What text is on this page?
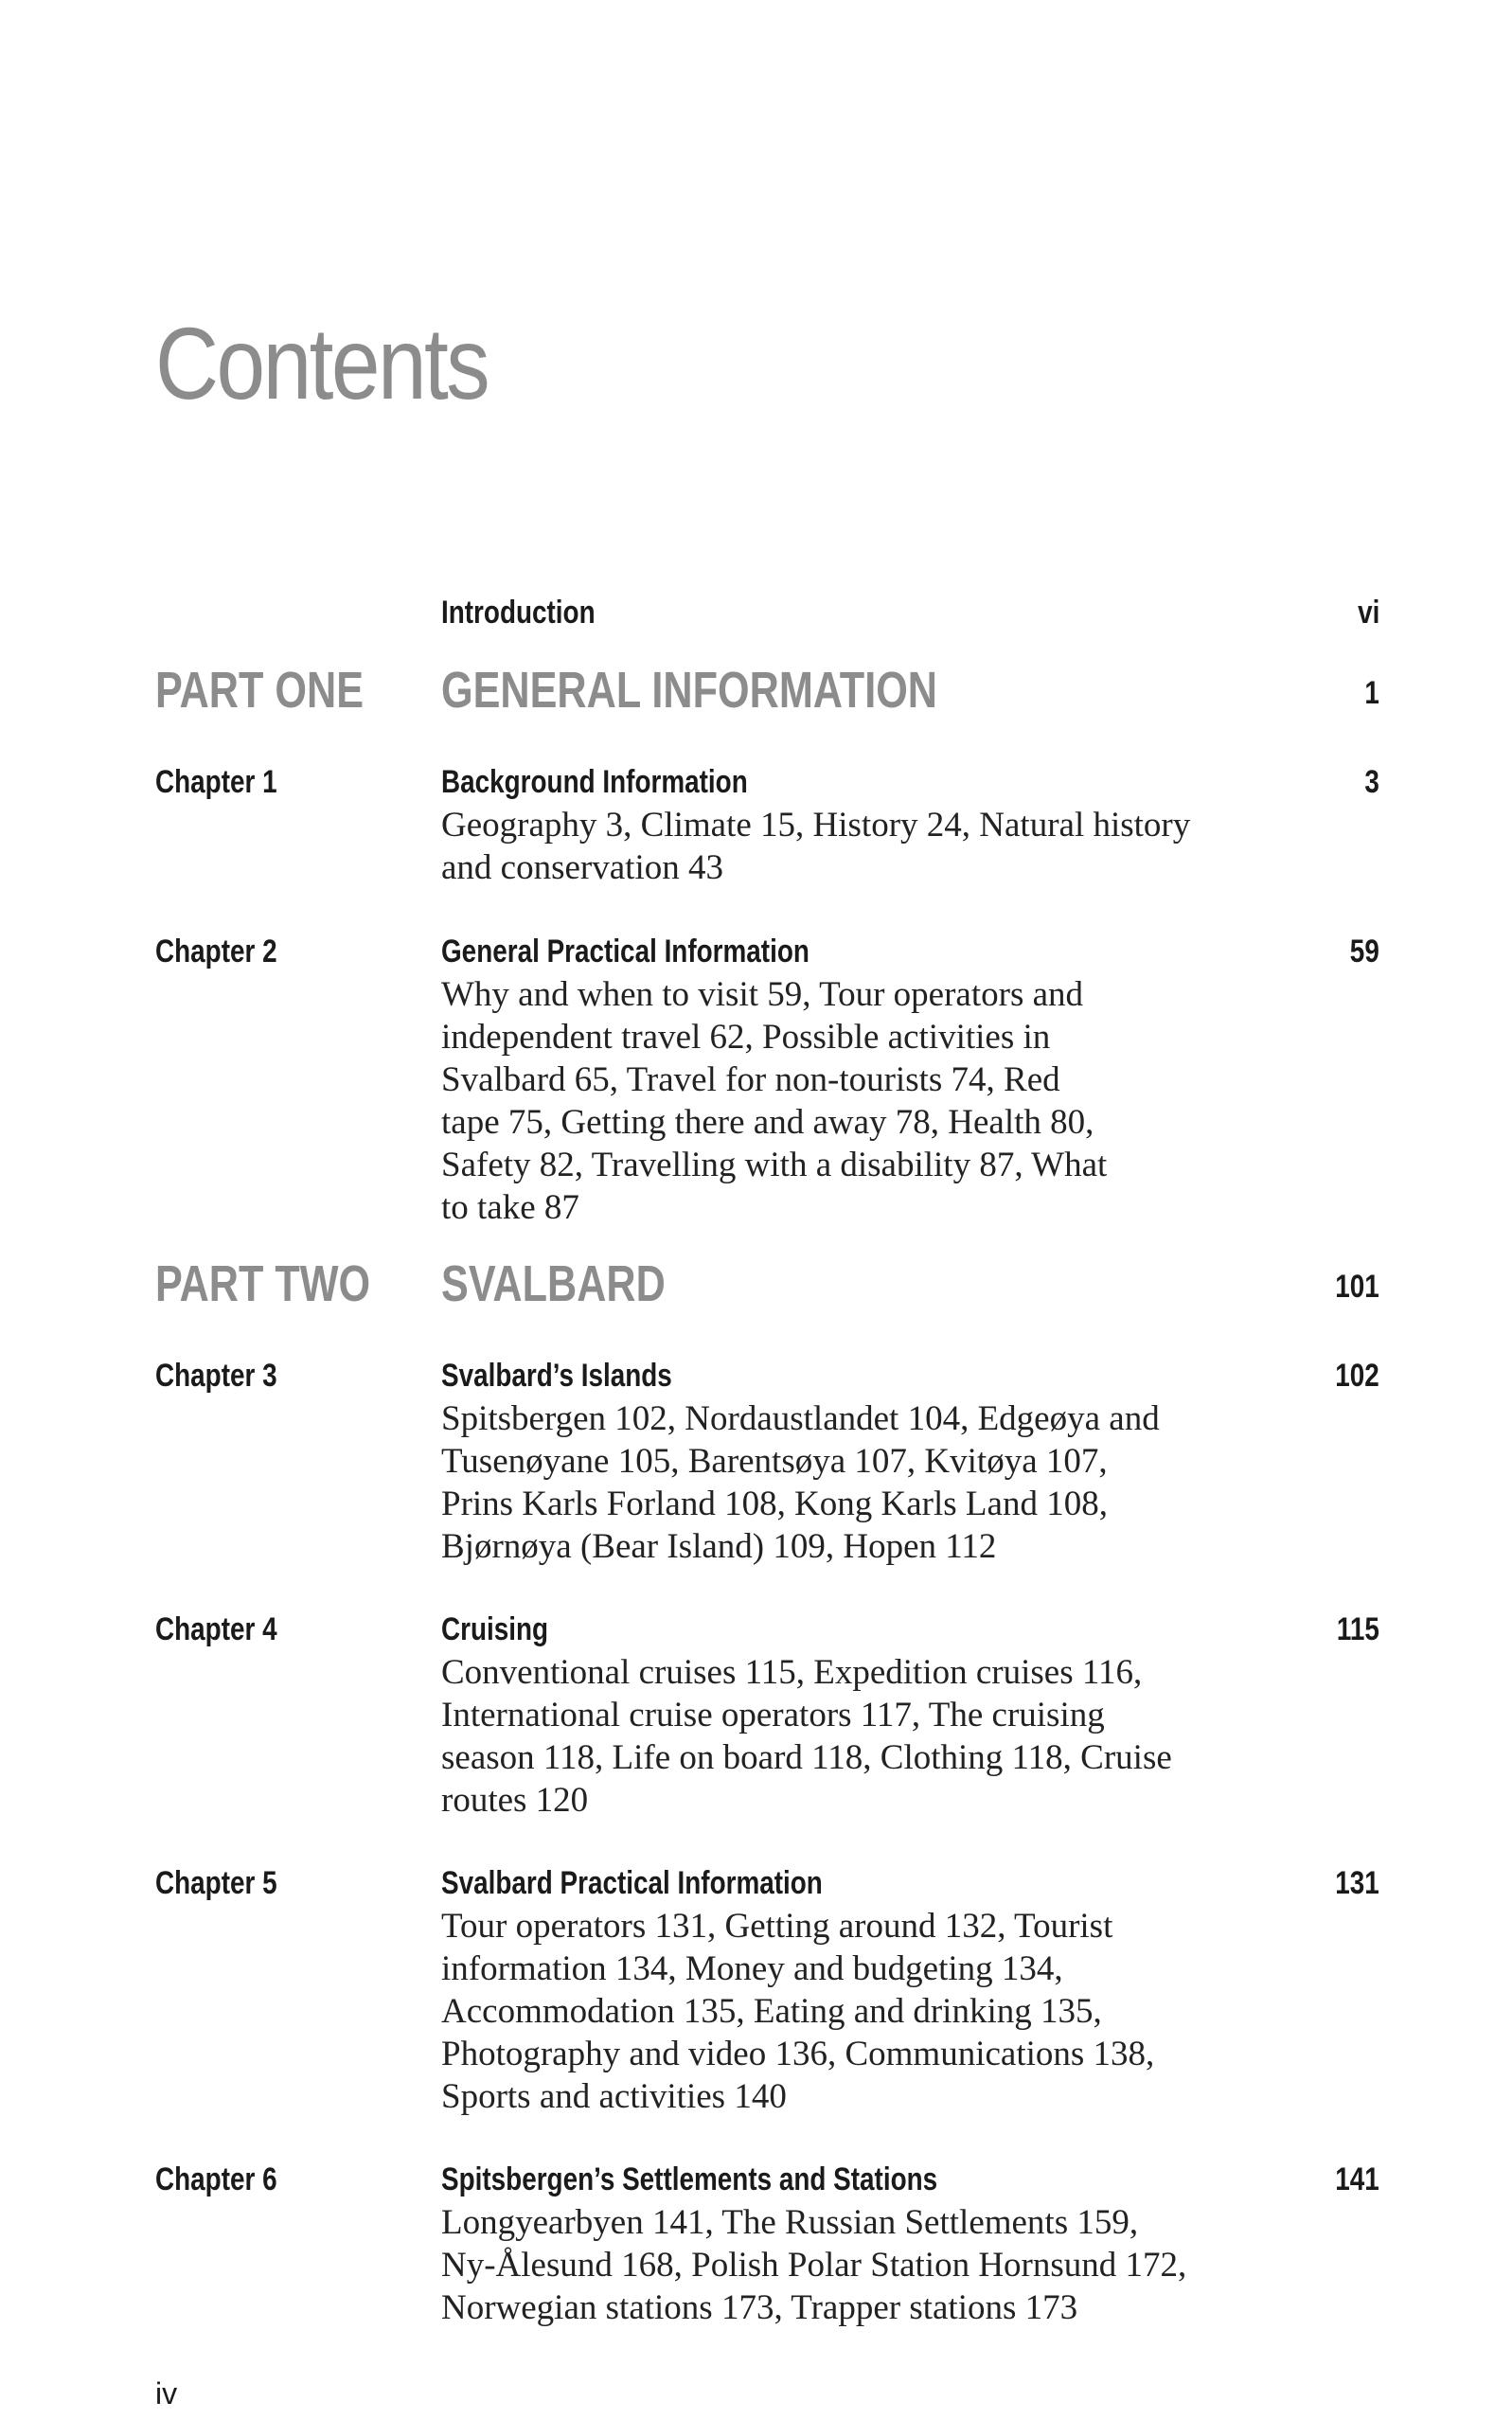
Contents
Introduction	vi
PART ONE GENERAL INFORMATION	1
Chapter 1	Background Information	3
Geography 3, Climate 15, History 24, Natural history
and conservation 43
Chapter 2	General Practical Information	59
Why and when to visit 59, Tour operators and
independent travel 62, Possible activities in
Svalbard 65, Travel for non-tourists 74, Red
tape 75, Getting there and away 78, Health 80,
Safety 82, Travelling with a disability 87, What
to take 87
PART TWO SVALBARD	101
Chapter 3	Svalbard’s Islands	102
Spitsbergen 102, Nordaustlandet 104, Edgeøya and
Tusenøyane 105, Barentsøya 107, Kvitøya 107,
Prins Karls Forland 108, Kong Karls Land 108,
Bjørnøya (Bear Island) 109, Hopen 112
Chapter 4	Cruising	115
Conventional cruises 115, Expedition cruises 116,
International cruise operators 117, The cruising
season 118, Life on board 118, Clothing 118, Cruise
routes 120
Chapter 5	Svalbard Practical Information	131
Tour operators 131, Getting around 132, Tourist
information 134, Money and budgeting 134,
Accommodation 135, Eating and drinking 135,
Photography and video 136, Communications 138,
Sports and activities 140
Chapter 6	Spitsbergen’s Settlements and Stations	141
Longyearbyen 141, The Russian Settlements 159,
Ny-Ålesund 168, Polish Polar Station Hornsund 172,
Norwegian stations 173, Trapper stations 173
iv
